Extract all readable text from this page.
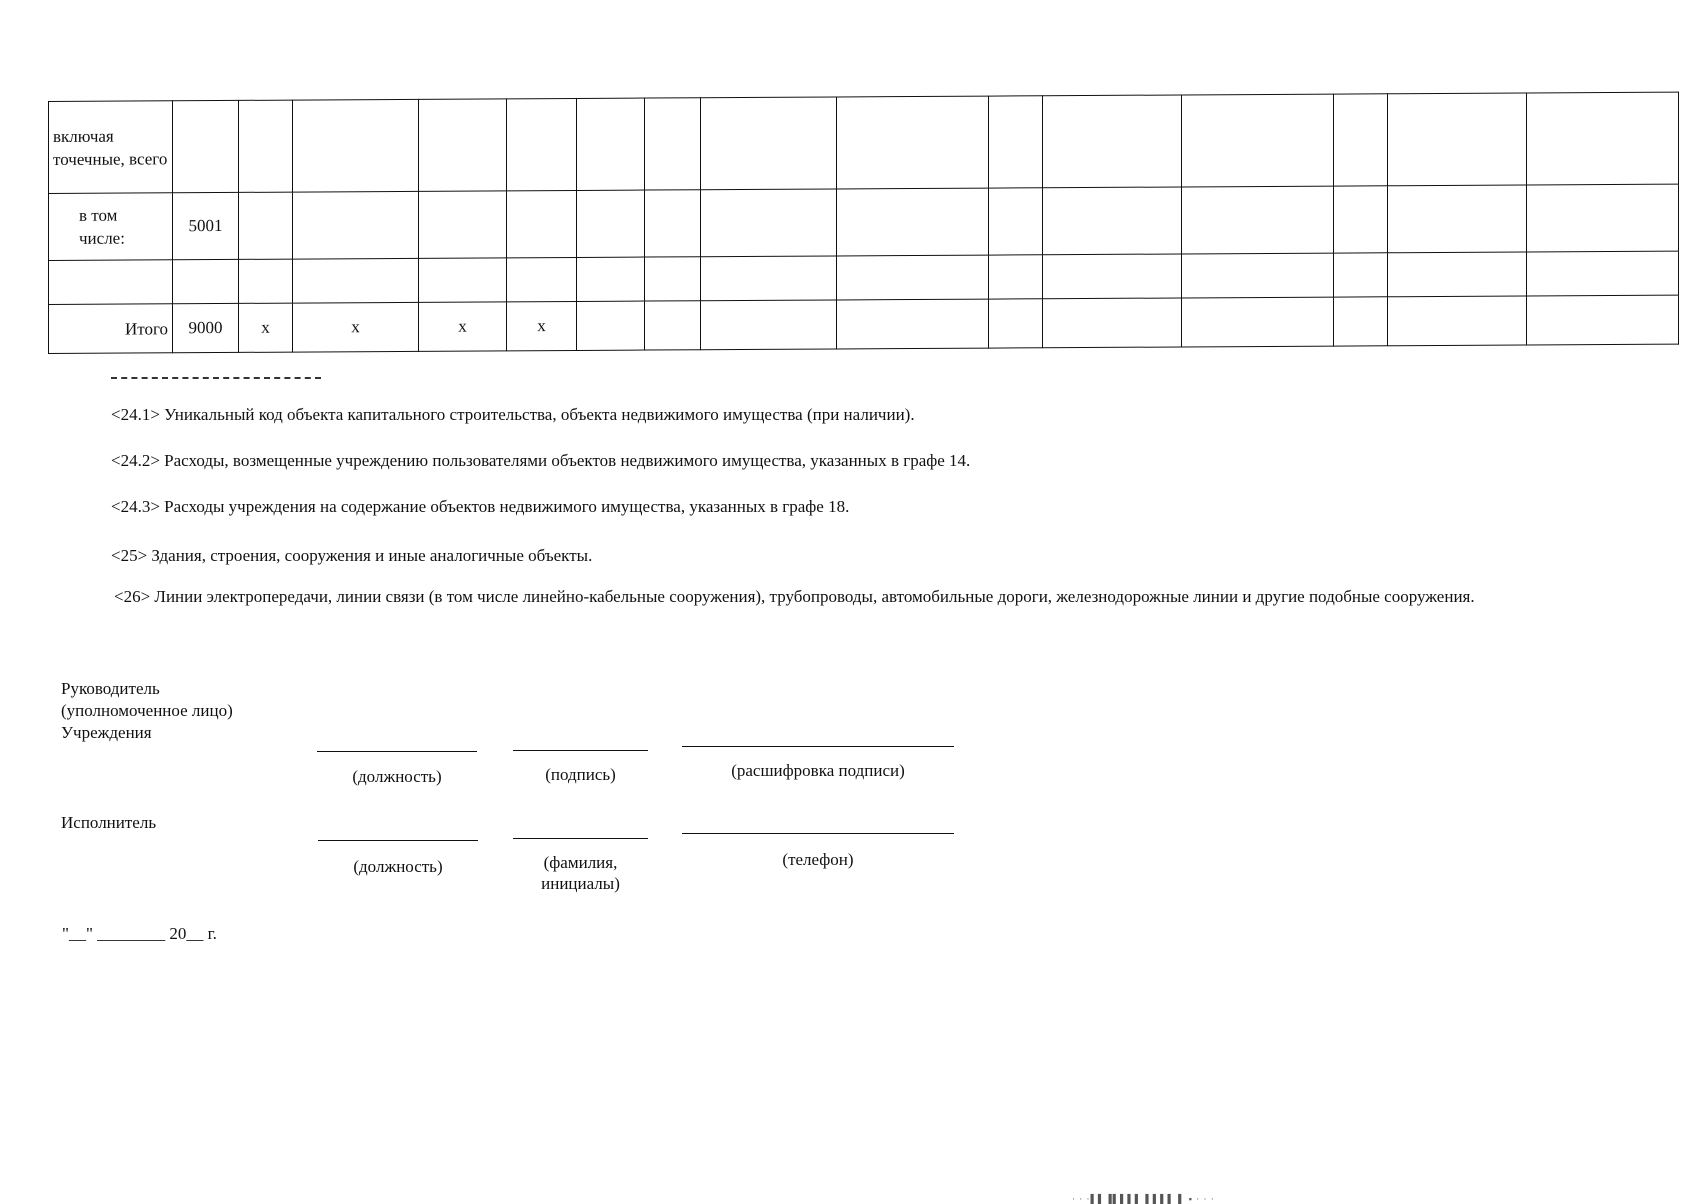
включая точечные, всего															
в том числе:	5001														

Итого	9000	x	x	x	x										
<24.1> Уникальный код объекта капитального строительства, объекта недвижимого имущества (при наличии).
<24.2> Расходы, возмещенные учреждению пользователями объектов недвижимого имущества, указанных в графе 14.
<24.3> Расходы учреждения на содержание объектов недвижимого имущества, указанных в графе 18.
<25> Здания, строения, сооружения и иные аналогичные объекты.
<26> Линии электропередачи, линии связи (в том числе линейно-кабельные сооружения), трубопроводы, автомобильные дороги, железнодорожные линии и другие подобные сооружения.
Руководитель
(уполномоченное лицо)
Учреждения
(должность)	(подпись)	(расшифровка подписи)
Исполнитель
(должность)	(фамилия,
инициалы)
(телефон)
"__" ________ 20__ г.
· · ·▌▌▐▌▌▌▌ ▌▌▌▌ ▌ ▪ · · ·
